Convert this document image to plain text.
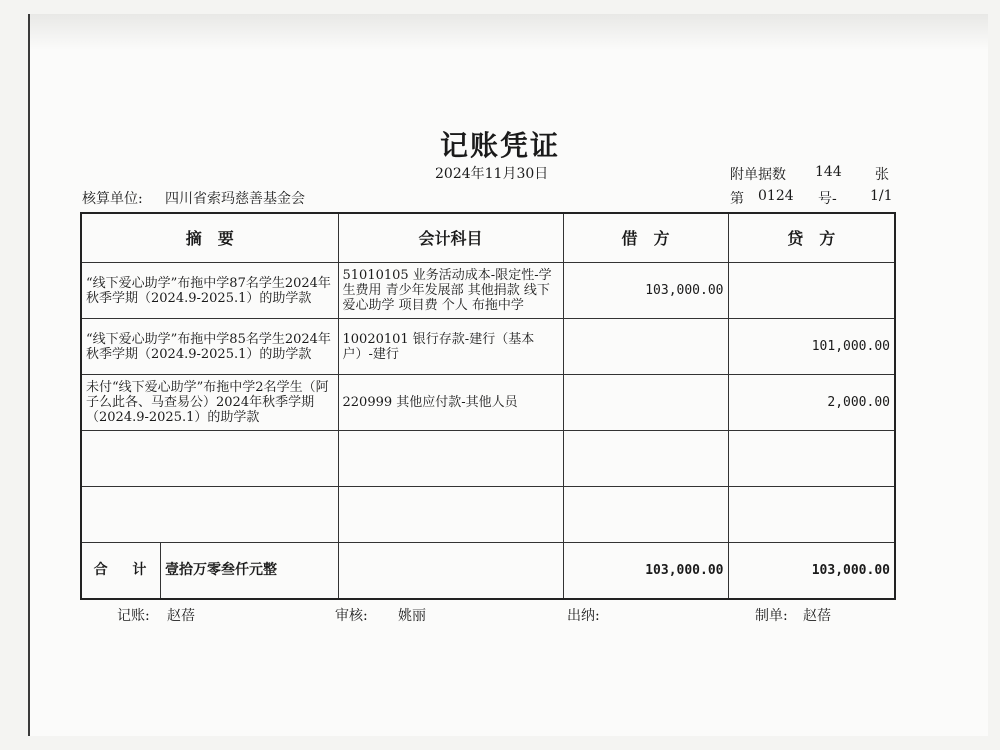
记账凭证
2024年11月30日	附单据数 144 张
核算单位: 四川省索玛慈善基金会	第 0124 号- 1/1
摘　要	会计科目	借　方	贷　方
“线下爱心助学”布拖中学87名学生2024年秋季学期（2024.9-2025.1）的助学款	51010105 业务活动成本-限定性-学生费用 青少年发展部 其他捐款 线下爱心助学 项目费 个人 布拖中学	103,000.00	
“线下爱心助学”布拖中学85名学生2024年秋季学期（2024.9-2025.1）的助学款	10020101 银行存款-建行（基本户）-建行		101,000.00
未付“线下爱心助学”布拖中学2名学生（阿子么此各、马查易公）2024年秋季学期（2024.9-2025.1）的助学款	220999 其他应付款-其他人员		2,000.00

合 计 壹拾万零叁仟元整		103,000.00	103,000.00
记账: 赵蓓	审核: 姚丽	出纳:	制单: 赵蓓
